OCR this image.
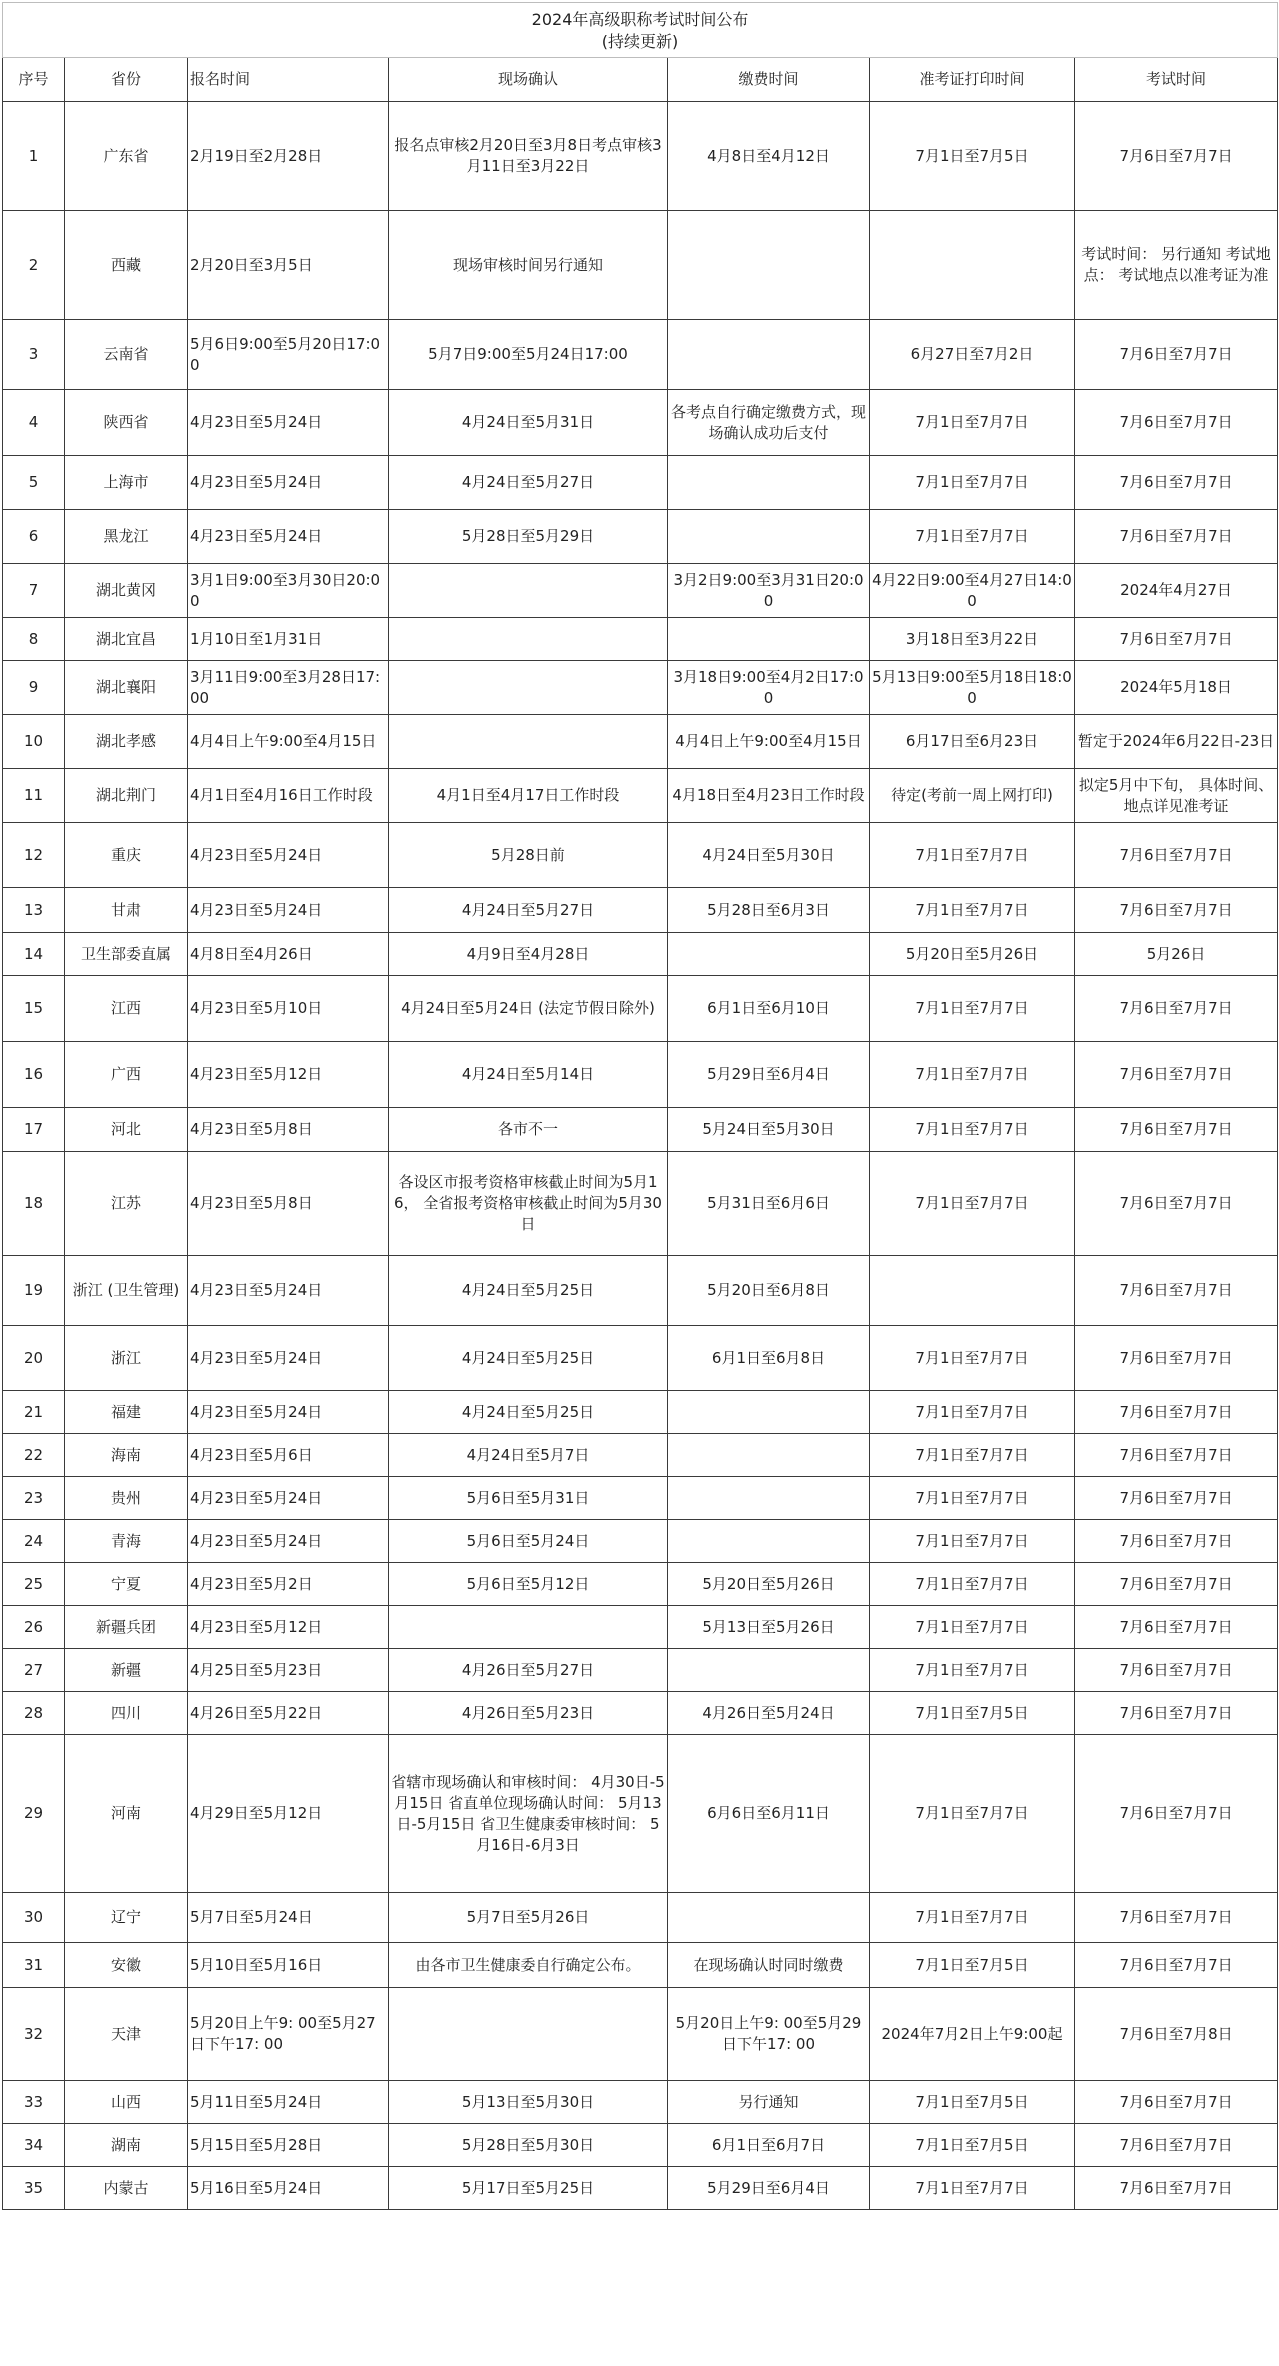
2024年高级职称考试时间公布
(持续更新)						

序号	省份	报名时间	现场确认	缴费时间	准考证打印时间	考试时间
1	广东省	2月19日至2月28日	报名点审核2月20日至3月8日考点审核3月11日至3月22日	4月8日至4月12日	7月1日至7月5日	7月6日至7月7日
2	西藏	2月20日至3月5日	现场审核时间另行通知			考试时间： 另行通知 考试地点： 考试地点以准考证为准
3	云南省	5月6日9:00至5月20日17:00	5月7日9:00至5月24日17:00		6月27日至7月2日	7月6日至7月7日
4	陕西省	4月23日至5月24日	4月24日至5月31日	各考点自行确定缴费方式，现场确认成功后支付	7月1日至7月7日	7月6日至7月7日
5	上海市	4月23日至5月24日	4月24日至5月27日		7月1日至7月7日	7月6日至7月7日
6	黑龙江	4月23日至5月24日	5月28日至5月29日		7月1日至7月7日	7月6日至7月7日
7	湖北黄冈	3月1日9:00至3月30日20:00		3月2日9:00至3月31日20:00	4月22日9:00至4月27日14:00	2024年4月27日
8	湖北宜昌	1月10日至1月31日			3月18日至3月22日	7月6日至7月7日
9	湖北襄阳	3月11日9:00至3月28日17:00		3月18日9:00至4月2日17:00	5月13日9:00至5月18日18:00	2024年5月18日
10	湖北孝感	4月4日上午9:00至4月15日		4月4日上午9:00至4月15日	6月17日至6月23日	暂定于2024年6月22日-23日
11	湖北荆门	4月1日至4月16日工作时段	4月1日至4月17日工作时段	4月18日至4月23日工作时段	待定(考前一周上网打印)	拟定5月中下旬， 具体时间、地点详见准考证
12	重庆	4月23日至5月24日	5月28日前	4月24日至5月30日	7月1日至7月7日	7月6日至7月7日
13	甘肃	4月23日至5月24日	4月24日至5月27日	5月28日至6月3日	7月1日至7月7日	7月6日至7月7日
14	卫生部委直属	4月8日至4月26日	4月9日至4月28日		5月20日至5月26日	5月26日
15	江西	4月23日至5月10日	4月24日至5月24日 (法定节假日除外)	6月1日至6月10日	7月1日至7月7日	7月6日至7月7日
16	广西	4月23日至5月12日	4月24日至5月14日	5月29日至6月4日	7月1日至7月7日	7月6日至7月7日
17	河北	4月23日至5月8日	各市不一	5月24日至5月30日	7月1日至7月7日	7月6日至7月7日
18	江苏	4月23日至5月8日	各设区市报考资格审核截止时间为5月16， 全省报考资格审核截止时间为5月30日	5月31日至6月6日	7月1日至7月7日	7月6日至7月7日
19	浙江 (卫生管理)	4月23日至5月24日	4月24日至5月25日	5月20日至6月8日		7月6日至7月7日
20	浙江	4月23日至5月24日	4月24日至5月25日	6月1日至6月8日	7月1日至7月7日	7月6日至7月7日
21	福建	4月23日至5月24日	4月24日至5月25日		7月1日至7月7日	7月6日至7月7日
22	海南	4月23日至5月6日	4月24日至5月7日		7月1日至7月7日	7月6日至7月7日
23	贵州	4月23日至5月24日	5月6日至5月31日		7月1日至7月7日	7月6日至7月7日
24	青海	4月23日至5月24日	5月6日至5月24日		7月1日至7月7日	7月6日至7月7日
25	宁夏	4月23日至5月2日	5月6日至5月12日	5月20日至5月26日	7月1日至7月7日	7月6日至7月7日
26	新疆兵团	4月23日至5月12日		5月13日至5月26日	7月1日至7月7日	7月6日至7月7日
27	新疆	4月25日至5月23日	4月26日至5月27日		7月1日至7月7日	7月6日至7月7日
28	四川	4月26日至5月22日	4月26日至5月23日	4月26日至5月24日	7月1日至7月5日	7月6日至7月7日
29	河南	4月29日至5月12日	省辖市现场确认和审核时间： 4月30日-5月15日 省直单位现场确认时间： 5月13日-5月15日 省卫生健康委审核时间： 5月16日-6月3日	6月6日至6月11日	7月1日至7月7日	7月6日至7月7日
30	辽宁	5月7日至5月24日	5月7日至5月26日		7月1日至7月7日	7月6日至7月7日
31	安徽	5月10日至5月16日	由各市卫生健康委自行确定公布。	在现场确认时同时缴费	7月1日至7月5日	7月6日至7月7日
32	天津	5月20日上午9: 00至5月27日下午17: 00		5月20日上午9: 00至5月29日下午17: 00	2024年7月2日上午9:00起	7月6日至7月8日
33	山西	5月11日至5月24日	5月13日至5月30日	另行通知	7月1日至7月5日	7月6日至7月7日
34	湖南	5月15日至5月28日	5月28日至5月30日	6月1日至6月7日	7月1日至7月5日	7月6日至7月7日
35	内蒙古	5月16日至5月24日	5月17日至5月25日	5月29日至6月4日	7月1日至7月7日	7月6日至7月7日
